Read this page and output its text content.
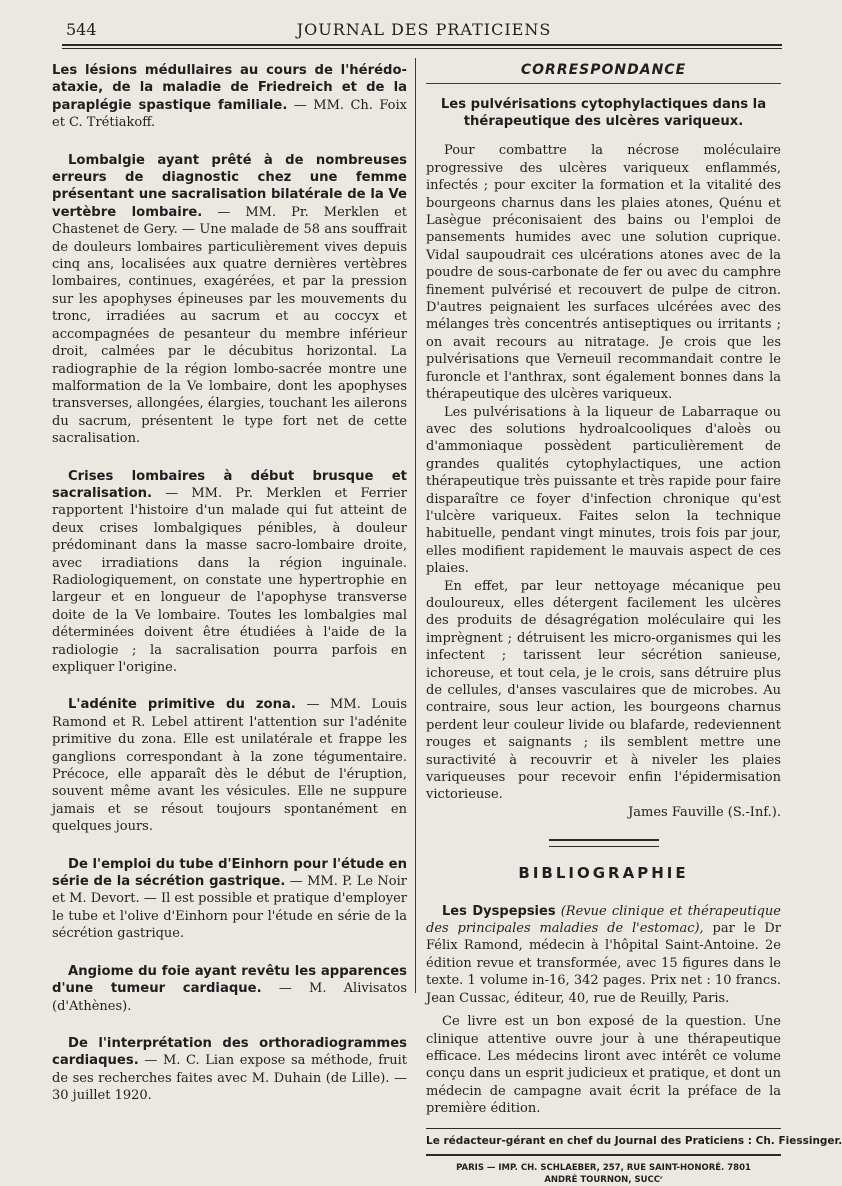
544	JOURNAL DES PRATICIENS
Les lésions médullaires au cours de l'hérédo-ataxie, de la maladie de Friedreich et de la paraplégie spastique familiale. — MM. Ch. Foix et C. Trétiakoff.
Lombalgie ayant prêté à de nombreuses erreurs de diagnostic chez une femme présentant une sacralisation bilatérale de la Ve vertèbre lombaire. — MM. Pr. Merklen et Chastenet de Gery. — Une malade de 58 ans souffrait de douleurs lombaires particulièrement vives depuis cinq ans, localisées aux quatre dernières vertèbres lombaires, continues, exagérées, et par la pression sur les apophyses épineuses par les mouvements du tronc, irradiées au sacrum et au coccyx et accompagnées de pesanteur du membre inférieur droit, calmées par le décubitus horizontal. La radiographie de la région lombo-sacrée montre une malformation de la Ve lombaire, dont les apophyses transverses, allongées, élargies, touchant les ailerons du sacrum, présentent le type fort net de cette sacralisation.
Crises lombaires à début brusque et sacralisation. — MM. Pr. Merklen et Ferrier rapportent l'histoire d'un malade qui fut atteint de deux crises lombalgiques pénibles, à douleur prédominant dans la masse sacro-lombaire droite, avec irradiations dans la région inguinale. Radiologiquement, on constate une hypertrophie en largeur et en longueur de l'apophyse transverse doite de la Ve lombaire. Toutes les lombalgies mal déterminées doivent être étudiées à l'aide de la radiologie ; la sacralisation pourra parfois en expliquer l'origine.
L'adénite primitive du zona. — MM. Louis Ramond et R. Lebel attirent l'attention sur l'adénite primitive du zona. Elle est unilatérale et frappe les ganglions correspondant à la zone tégumentaire. Précoce, elle apparaît dès le début de l'éruption, souvent même avant les vésicules. Elle ne suppure jamais et se résout toujours spontanément en quelques jours.
De l'emploi du tube d'Einhorn pour l'étude en série de la sécrétion gastrique. — MM. P. Le Noir et M. Devort. — Il est possible et pratique d'employer le tube et l'olive d'Einhorn pour l'étude en série de la sécrétion gastrique.
Angiome du foie ayant revêtu les apparences d'une tumeur cardiaque. — M. Alivisatos (d'Athènes).
De l'interprétation des orthoradiogrammes cardiaques. — M. C. Lian expose sa méthode, fruit de ses recherches faites avec M. Duhain (de Lille). — 30 juillet 1920.
CORRESPONDANCE
Les pulvérisations cytophylactiques dans la thérapeutique des ulcères variqueux.

Pour combattre la nécrose moléculaire progressive des ulcères variqueux enflammés, infectés ; pour exciter la formation et la vitalité des bourgeons charnus dans les plaies atones, Quénu et Lasègue préconisaient des bains ou l'emploi de pansements humides avec une solution cuprique. Vidal saupoudrait ces ulcérations atones avec de la poudre de sous-carbonate de fer ou avec du camphre finement pulvérisé et recouvert de pulpe de citron. D'autres peignaient les surfaces ulcérées avec des mélanges très concentrés antiseptiques ou irritants ; on avait recours au nitratage. Je crois que les pulvérisations que Verneuil recommandait contre le furoncle et l'anthrax, sont également bonnes dans la thérapeutique des ulcères variqueux.

Les pulvérisations à la liqueur de Labarraque ou avec des solutions hydroalcooliques d'aloès ou d'ammoniaque possèdent particulièrement de grandes qualités cytophylactiques, une action thérapeutique très puissante et très rapide pour faire disparaître ce foyer d'infection chronique qu'est l'ulcère variqueux. Faites selon la technique habituelle, pendant vingt minutes, trois fois par jour, elles modifient rapidement le mauvais aspect de ces plaies.

En effet, par leur nettoyage mécanique peu douloureux, elles détergent facilement les ulcères des produits de désagrégation moléculaire qui les imprègnent ; détruisent les micro-organismes qui les infectent ; tarissent leur sécrétion sanieuse, ichoreuse, et tout cela, je le crois, sans détruire plus de cellules, d'anses vasculaires que de microbes. Au contraire, sous leur action, les bourgeons charnus perdent leur couleur livide ou blafarde, redeviennent rouges et saignants ; ils semblent mettre une suractivité à recouvrir et à niveler les plaies variqueuses pour recevoir enfin l'épidermisation victorieuse.

James Fauville (S.-Inf.).
BIBLIOGRAPHIE
Les Dyspepsies (Revue clinique et thérapeutique des principales maladies de l'estomac), par le Dr Félix Ramond, médecin à l'hôpital Saint-Antoine. 2e édition revue et transformée, avec 15 figures dans le texte. 1 volume in-16, 342 pages. Prix net : 10 francs. Jean Cussac, éditeur, 40, rue de Reuilly, Paris.
Ce livre est un bon exposé de la question. Une clinique attentive ouvre jour à une thérapeutique efficace. Les médecins liront avec intérêt ce volume conçu dans un esprit judicieux et pratique, et dont un médecin de campagne avait écrit la préface de la première édition.
Le rédacteur-gérant en chef du Journal des Praticiens : Ch. Fiessinger.
PARIS — IMP. CH. SCHLAEBER, 257, RUE SAINT-HONORÉ. 7801
ANDRÉ TOURNON, SUCCʳ
